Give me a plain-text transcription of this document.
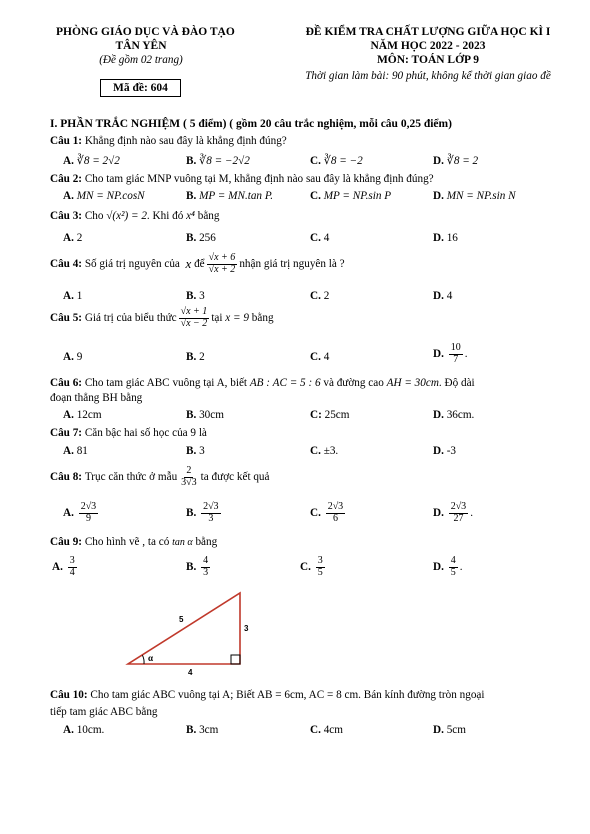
PHÒNG GIÁO DỤC VÀ ĐÀO TẠO
TÂN YÊN
(Đề gồm 02 trang)
Mã đề: 604
ĐỀ KIỂM TRA CHẤT LƯỢNG GIỮA HỌC KÌ I
NĂM HỌC 2022 - 2023
MÔN: TOÁN LỚP 9
Thời gian làm bài: 90 phút, không kể thời gian giao đề
I. PHẦN TRẮC NGHIỆM ( 5 điểm) ( gồm 20 câu trắc nghiệm, mỗi câu 0,25 điểm)
Câu 1: Khẳng định nào sau đây là khẳng định đúng?
A. ∛8 = 2√2	B. ∛8 = −2√2	C. ∛8 = −2	D. ∛8 = 2
Câu 2: Cho tam giác MNP vuông tại M, khẳng định nào sau đây là khẳng định đúng?
A. MN = NP.cosN	B. MP = MN.tan P.	C. MP = NP.sin P	D. MN = NP.sin N
Câu 3: Cho √(x²) = 2. Khi đó x⁴ bằng
A. 2	B. 256	C. 4	D. 16
Câu 4:
Số giá trị nguyên của
x
để $\frac{√x + 6}{√x + 2}$ nhận giá trị nguyên là ?
A. 1	B. 3	C. 2	D. 4
Câu 5:
Giá trị của biểu thức $\frac{√x + 1}{√x - 2}$ tại
x = 9
bằng
A. 9	B. 2	C. 4	D.
$\frac{10}{7}$ .
Câu 6: Cho tam giác ABC vuông tại A, biết AB : AC = 5 : 6 và đường cao AH = 30cm. Độ dài
đoạn thẳng BH bằng
A. 12cm	B. 30cm	C: 25cm	D. 36cm.
Câu 7: Căn bậc hai số học của 9 là
A. 81	B. 3	C. ±3.	D. -3
Câu 8:
Trục căn thức ở mẫu $\frac{2}{3√3}$ ta được kết quả
A.
$\frac{2√3}{9}$	B.
$\frac{2√3}{3}$	C.
$\frac{2√3}{6}$	D.
$\frac{2√3}{27}$ .
Câu 9: Cho hình vẽ , ta có tan α bằng
A.
$\frac{3}{4}$	B.
$\frac{4}{3}$	C.
$\frac{3}{5}$	D.
$\frac{4}{5}$ .
α
5
3
4
Câu 10: Cho tam giác ABC vuông tại A; Biết AB = 6cm, AC = 8 cm. Bán kính đường tròn ngoại
tiếp tam giác ABC bằng
A. 10cm.	B. 3cm	C. 4cm	D. 5cm
